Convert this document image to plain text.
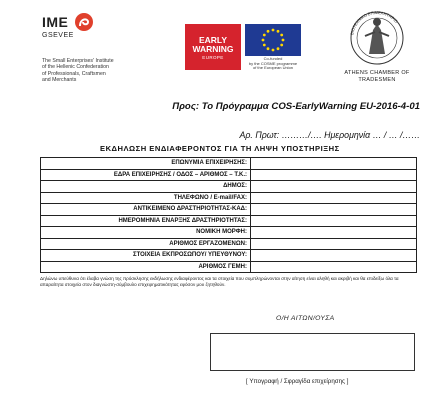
IME
GSEVEE
The Small Enterprises' Institute
of the Hellenic Confederation
of Professionals, Craftsmen
and Merchants
EARLY
WARNING
EUROPE	Co-funded
by the COSME programme
of the European Union
ΒΙΟΤΕΧΝΙΚΟ ΕΠΙΜΕΛΗΤΗΡΙΟ
ATHENS CHAMBER OF
TRADESMEN
Προς: Το Πρόγραμμα COS-EarlyWarning EU-2016-4-01
Αρ. Πρωτ: ………/…. Ημερομηνία … / … /……
ΕΚΔΗΛΩΣΗ ΕΝΔΙΑΦΕΡΟΝΤΟΣ ΓΙΑ ΤΗ ΛΗΨΗ ΥΠΟΣΤΗΡΙΞΗΣ
ΕΠΩΝΥΜΙΑ ΕΠΙΧΕΙΡΗΣΗΣ:	
ΕΔΡΑ ΕΠΙΧΕΙΡΗΣΗΣ / ΟΔΟΣ – ΑΡΙΘΜΟΣ – Τ.Κ.:	
ΔΗΜΟΣ:	
ΤΗΛΕΦΩΝΟ / E-mail/FAX:	
ΑΝΤΙΚΕΙΜΕΝΟ ΔΡΑΣΤΗΡΙΟΤΗΤΑΣ-ΚΑΔ:	
ΗΜΕΡΟΜΗΝΙΑ ΕΝΑΡΞΗΣ ΔΡΑΣΤΗΡΙΟΤΗΤΑΣ:	
ΝΟΜΙΚΗ ΜΟΡΦΗ:	
ΑΡΙΘΜΟΣ ΕΡΓΑΖΟΜΕΝΩΝ:	
ΣΤΟΙΧΕΙΑ ΕΚΠΡΟΣΩΠΟΥ/ ΥΠΕΥΘΥΝΟΥ:	
ΑΡΙΘΜΟΣ ΓΕΜΗ:	

Δηλώνω υπεύθυνα ότι έλαβα γνώση της πρόσκλησης εκδήλωσης ενδιαφέροντος και τα στοιχεία που συμπληρώνονται στην αίτηση είναι αληθή και ακριβή και θα επιδείξω όλα τα απαραίτητα στοιχεία στον διαγνώστη-σύμβουλο επιχειρηματικότητας εφόσον μου ζητηθούν.

Ο/Η ΑΙΤΩΝ/ΟΥΣΑ
[ Υπογραφή / Σφραγίδα επιχείρησης ]
